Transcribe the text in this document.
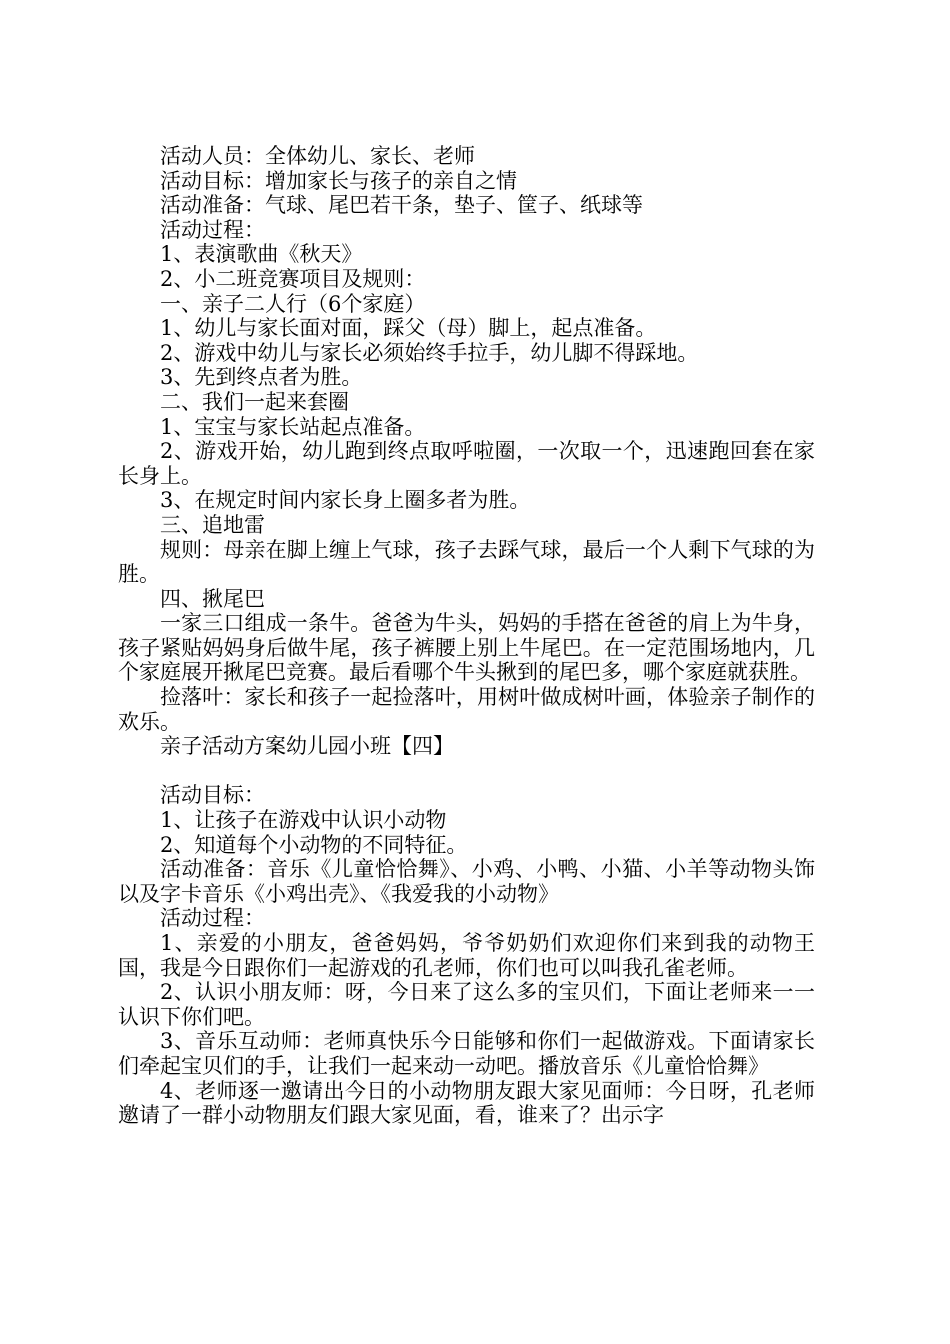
活动人员：全体幼儿、家长、老师

活动目标：增加家长与孩子的亲自之情

活动准备：气球、尾巴若干条，垫子、筐子、纸球等

活动过程：

1、表演歌曲《秋天》

2、小二班竞赛项目及规则：

一、亲子二人行（6个家庭）

1、幼儿与家长面对面，踩父（母）脚上，起点准备。

2、游戏中幼儿与家长必须始终手拉手，幼儿脚不得踩地。

3、先到终点者为胜。

二、我们一起来套圈

1、宝宝与家长站起点准备。

2、游戏开始，幼儿跑到终点取呼啦圈，一次取一个，迅速跑回套在家长身上。

3、在规定时间内家长身上圈多者为胜。

三、追地雷

规则：母亲在脚上缠上气球，孩子去踩气球，最后一个人剩下气球的为胜。

四、揪尾巴

一家三口组成一条牛。爸爸为牛头，妈妈的手搭在爸爸的肩上为牛身，孩子紧贴妈妈身后做牛尾，孩子裤腰上别上牛尾巴。在一定范围场地内，几个家庭展开揪尾巴竞赛。最后看哪个牛头揪到的尾巴多，哪个家庭就获胜。

捡落叶：家长和孩子一起捡落叶，用树叶做成树叶画，体验亲子制作的欢乐。

亲子活动方案幼儿园小班【四】

活动目标：

1、让孩子在游戏中认识小动物

2、知道每个小动物的不同特征。

活动准备：音乐《儿童恰恰舞》、小鸡、小鸭、小猫、小羊等动物头饰以及字卡音乐《小鸡出壳》、《我爱我的小动物》

活动过程：

1、亲爱的小朋友，爸爸妈妈，爷爷奶奶们欢迎你们来到我的动物王国，我是今日跟你们一起游戏的孔老师，你们也可以叫我孔雀老师。

2、认识小朋友师：呀，今日来了这么多的宝贝们，下面让老师来一一认识下你们吧。

3、音乐互动师：老师真快乐今日能够和你们一起做游戏。下面请家长们牵起宝贝们的手，让我们一起来动一动吧。播放音乐《儿童恰恰舞》

4、老师逐一邀请出今日的小动物朋友跟大家见面师：今日呀，孔老师邀请了一群小动物朋友们跟大家见面，看，谁来了？出示字
